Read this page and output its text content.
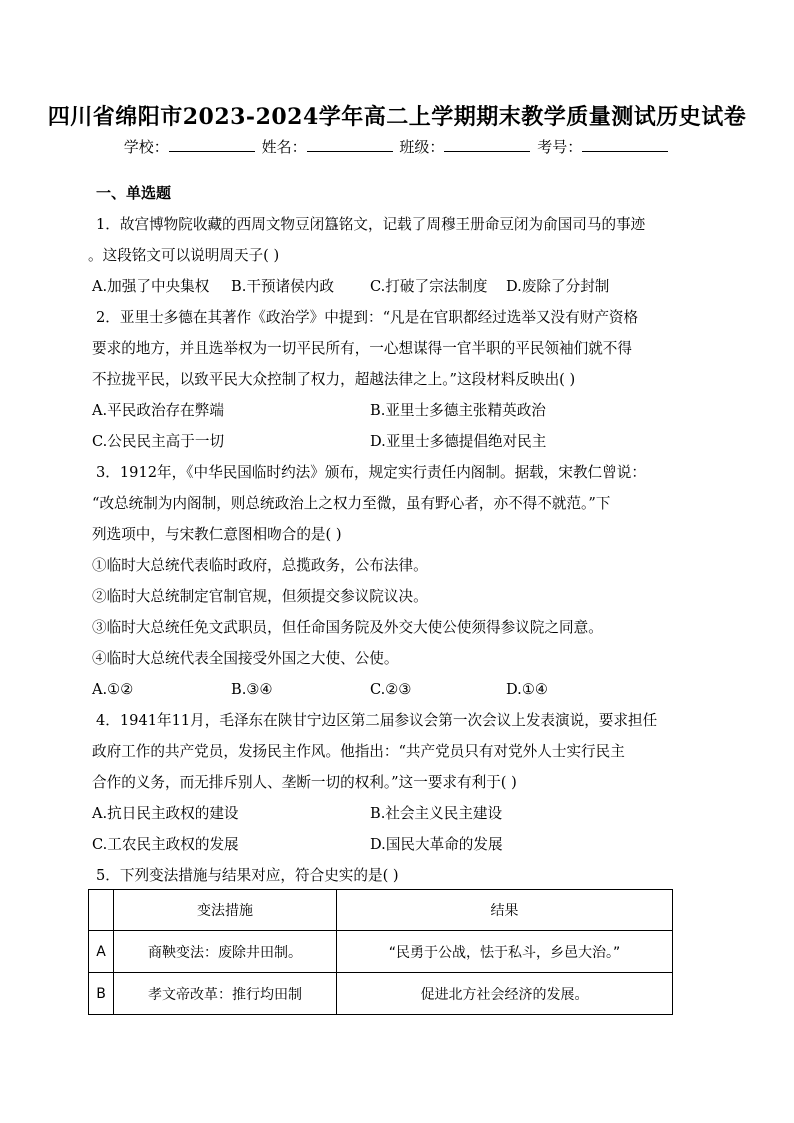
四川省绵阳市2023-2024学年高二上学期期末教学质量测试历史试卷
学校：	姓名：	班级：	考号：
一、单选题
1．故宫博物院收藏的西周文物豆闭簋铭文，记载了周穆王册命豆闭为俞国司马的事迹
。这段铭文可以说明周天子( )
A.加强了中央集权 B.干预诸侯内政 C.打破了宗法制度 D.废除了分封制
2．亚里士多德在其著作《政治学》中提到：“凡是在官职都经过选举又没有财产资格
要求的地方，并且选举权为一切平民所有，一心想谋得一官半职的平民领袖们就不得
不拉拢平民，以致平民大众控制了权力，超越法律之上。”这段材料反映出( )
A.平民政治存在弊端	B.亚里士多德主张精英政治
C.公民民主高于一切	D.亚里士多德提倡绝对民主
3．1912年，《中华民国临时约法》颁布，规定实行责任内阁制。据载，宋教仁曾说：
“改总统制为内阁制，则总统政治上之权力至微，虽有野心者，亦不得不就范。”下
列选项中，与宋教仁意图相吻合的是( )
①临时大总统代表临时政府，总揽政务，公布法律。
②临时大总统制定官制官规，但须提交参议院议决。
③临时大总统任免文武职员，但任命国务院及外交大使公使须得参议院之同意。
④临时大总统代表全国接受外国之大使、公使。
A.①②	B.③④	C.②③	D.①④
4．1941年11月，毛泽东在陕甘宁边区第二届参议会第一次会议上发表演说，要求担任
政府工作的共产党员，发扬民主作风。他指出：“共产党员只有对党外人士实行民主
合作的义务，而无排斥别人、垄断一切的权利。”这一要求有利于( )
A.抗日民主政权的建设	B.社会主义民主建设
C.工农民主政权的发展	D.国民大革命的发展
5．下列变法措施与结果对应，符合史实的是( )
	变法措施	结果
A	商鞅变法：废除井田制。	“民勇于公战，怯于私斗，乡邑大治。”
B	孝文帝改革：推行均田制	促进北方社会经济的发展。
